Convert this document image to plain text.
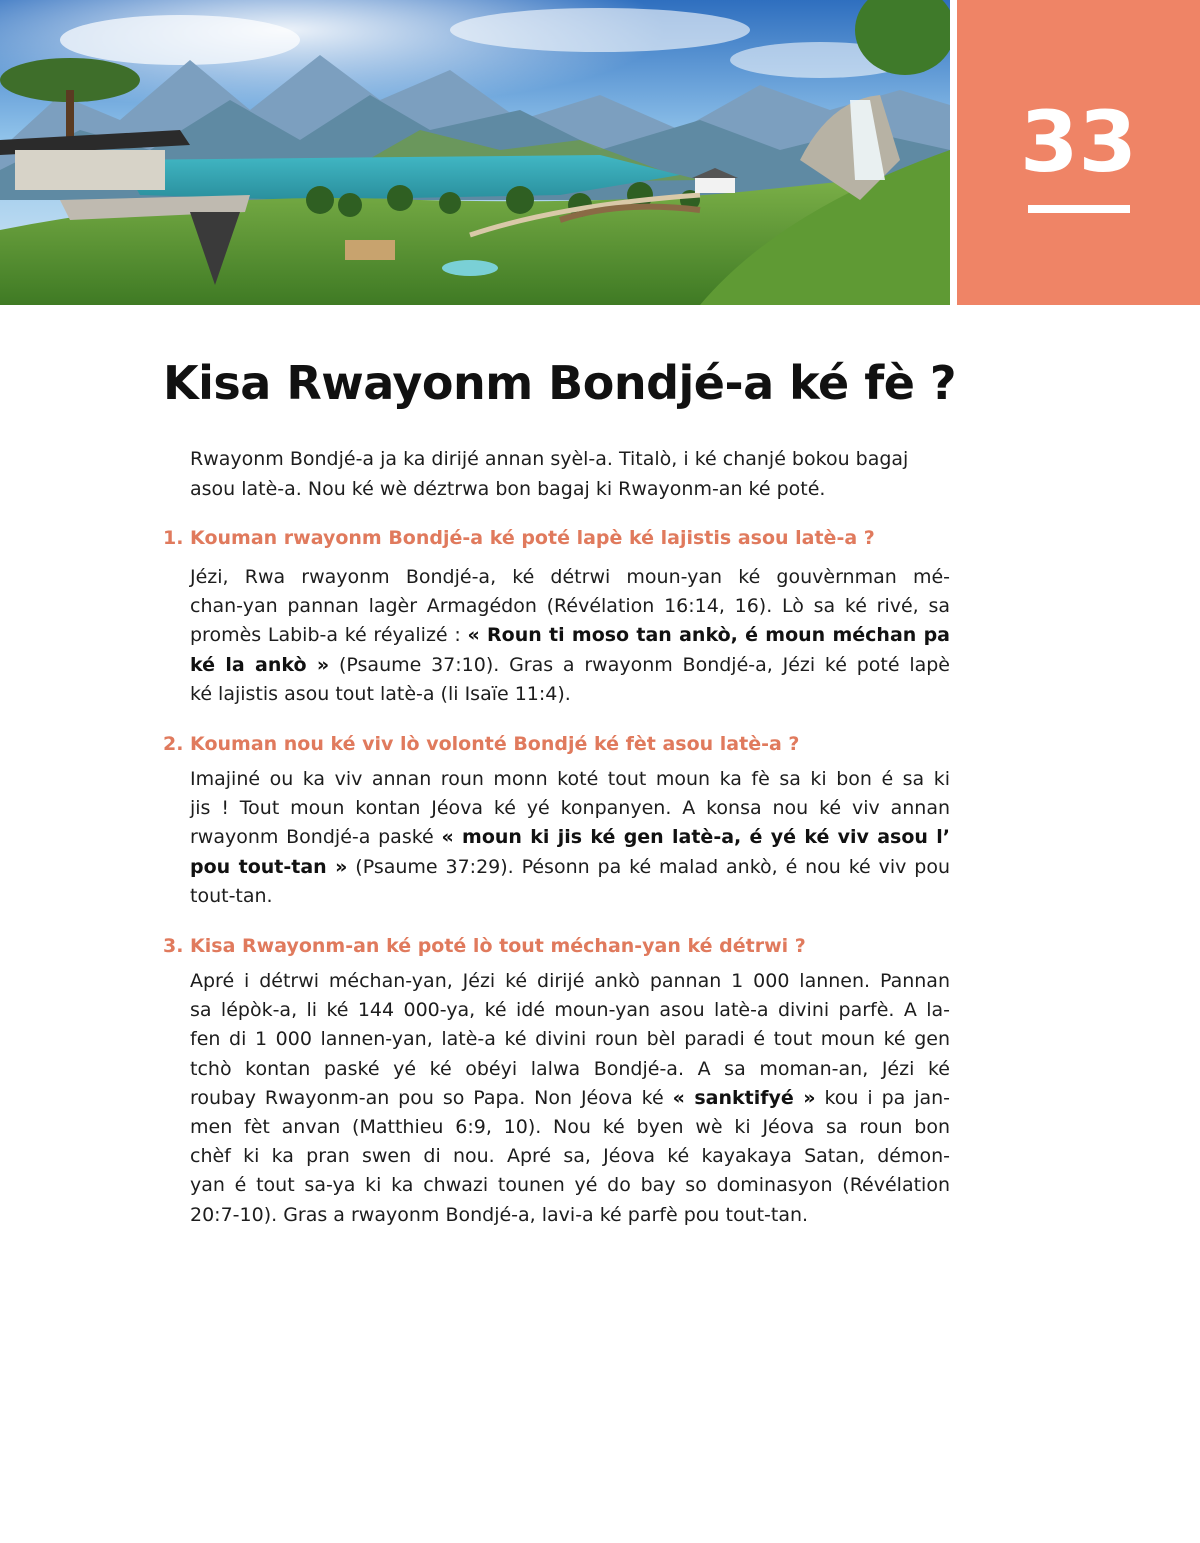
33
Kisa Rwayonm Bondjé-a ké fè ?

Rwayonm Bondjé-a ja ka dirijé annan syèl-a. Titalò, i ké chanjé bokou bagaj
asou latè-a. Nou ké wè déztrwa bon bagaj ki Rwayonm-an ké poté.

1. Kouman rwayonm Bondjé-a ké poté lapè ké lajistis asou latè-a ?
Jézi, Rwa rwayonm Bondjé-a, ké détrwi moun-yan ké gouvèrnman mé-
chan-yan pannan lagèr Armagédon (Révélation 16:14, 16). Lò sa ké rivé, sa
promès Labib-a ké réyalizé : « Roun ti moso tan ankò, é moun méchan pa
ké la ankò » (Psaume 37:10). Gras a rwayonm Bondjé-a, Jézi ké poté lapè
ké lajistis asou tout latè-a (li Isaïe 11:4).
2. Kouman nou ké viv lò volonté Bondjé ké fèt asou latè-a ?
Imajiné ou ka viv annan roun monn koté tout moun ka fè sa ki bon é sa ki
jis ! Tout moun kontan Jéova ké yé konpanyen. A konsa nou ké viv annan
rwayonm Bondjé-a paské « moun ki jis ké gen latè-a, é yé ké viv asou l’
pou tout-tan » (Psaume 37:29). Pésonn pa ké malad ankò, é nou ké viv pou
tout-tan.
3. Kisa Rwayonm-an ké poté lò tout méchan-yan ké détrwi ?
Apré i détrwi méchan-yan, Jézi ké dirijé ankò pannan 1 000 lannen. Pannan
sa lépòk-a, li ké 144 000-ya, ké idé moun-yan asou latè-a divini parfè. A la-
fen di 1 000 lannen-yan, latè-a ké divini roun bèl paradi é tout moun ké gen
tchò kontan paské yé ké obéyi lalwa Bondjé-a. A sa moman-an, Jézi ké
roubay Rwayonm-an pou so Papa. Non Jéova ké « sanktifyé » kou i pa jan-
men fèt anvan (Matthieu 6:9, 10). Nou ké byen wè ki Jéova sa roun bon
chèf ki ka pran swen di nou. Apré sa, Jéova ké kayakaya Satan, démon-
yan é tout sa-ya ki ka chwazi tounen yé do bay so dominasyon (Révélation
20:7-10). Gras a rwayonm Bondjé-a, lavi-a ké parfè pou tout-tan.
